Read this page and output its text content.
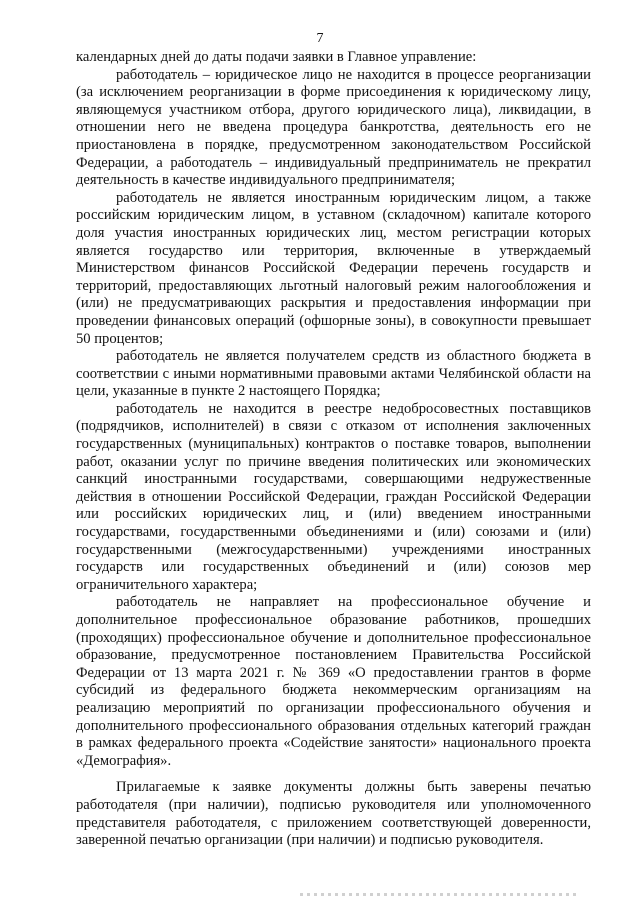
7

календарных дней до даты подачи заявки в Главное управление:

работодатель – юридическое лицо не находится в процессе реорганизации (за исключением реорганизации в форме присоединения к юридическому лицу, являющемуся участником отбора, другого юридического лица), ликвидации, в отношении него не введена процедура банкротства, деятельность его не приостановлена в порядке, предусмотренном законодательством Российской Федерации, а работодатель – индивидуальный предприниматель не прекратил деятельность в качестве индивидуального предпринимателя;

работодатель не является иностранным юридическим лицом, а также российским юридическим лицом, в уставном (складочном) капитале которого доля участия иностранных юридических лиц, местом регистрации которых является государство или территория, включенные в утверждаемый Министерством финансов Российской Федерации перечень государств и территорий, предоставляющих льготный налоговый режим налогообложения и (или) не предусматривающих раскрытия и предоставления информации при проведении финансовых операций (офшорные зоны), в совокупности превышает 50 процентов;

работодатель не является получателем средств из областного бюджета в соответствии с иными нормативными правовыми актами Челябинской области на цели, указанные в пункте 2 настоящего Порядка;

работодатель не находится в реестре недобросовестных поставщиков (подрядчиков, исполнителей) в связи с отказом от исполнения заключенных государственных (муниципальных) контрактов о поставке товаров, выполнении работ, оказании услуг по причине введения политических или экономических санкций иностранными государствами, совершающими недружественные действия в отношении Российской Федерации, граждан Российской Федерации или российских юридических лиц, и (или) введением иностранными государствами, государственными объединениями и (или) союзами и (или) государственными (межгосударственными) учреждениями иностранных государств или государственных объединений и (или) союзов мер ограничительного характера;

работодатель не направляет на профессиональное обучение и дополнительное профессиональное образование работников, прошедших (проходящих) профессиональное обучение и дополнительное профессиональное образование, предусмотренное постановлением Правительства Российской Федерации от 13 марта 2021 г. № 369 «О предоставлении грантов в форме субсидий из федерального бюджета некоммерческим организациям на реализацию мероприятий по организации профессионального обучения и дополнительного профессионального образования отдельных категорий граждан в рамках федерального проекта «Содействие занятости» национального проекта «Демография».

Прилагаемые к заявке документы должны быть заверены печатью работодателя (при наличии), подписью руководителя или уполномоченного представителя работодателя, с приложением соответствующей доверенности, заверенной печатью организации (при наличии) и подписью руководителя.
